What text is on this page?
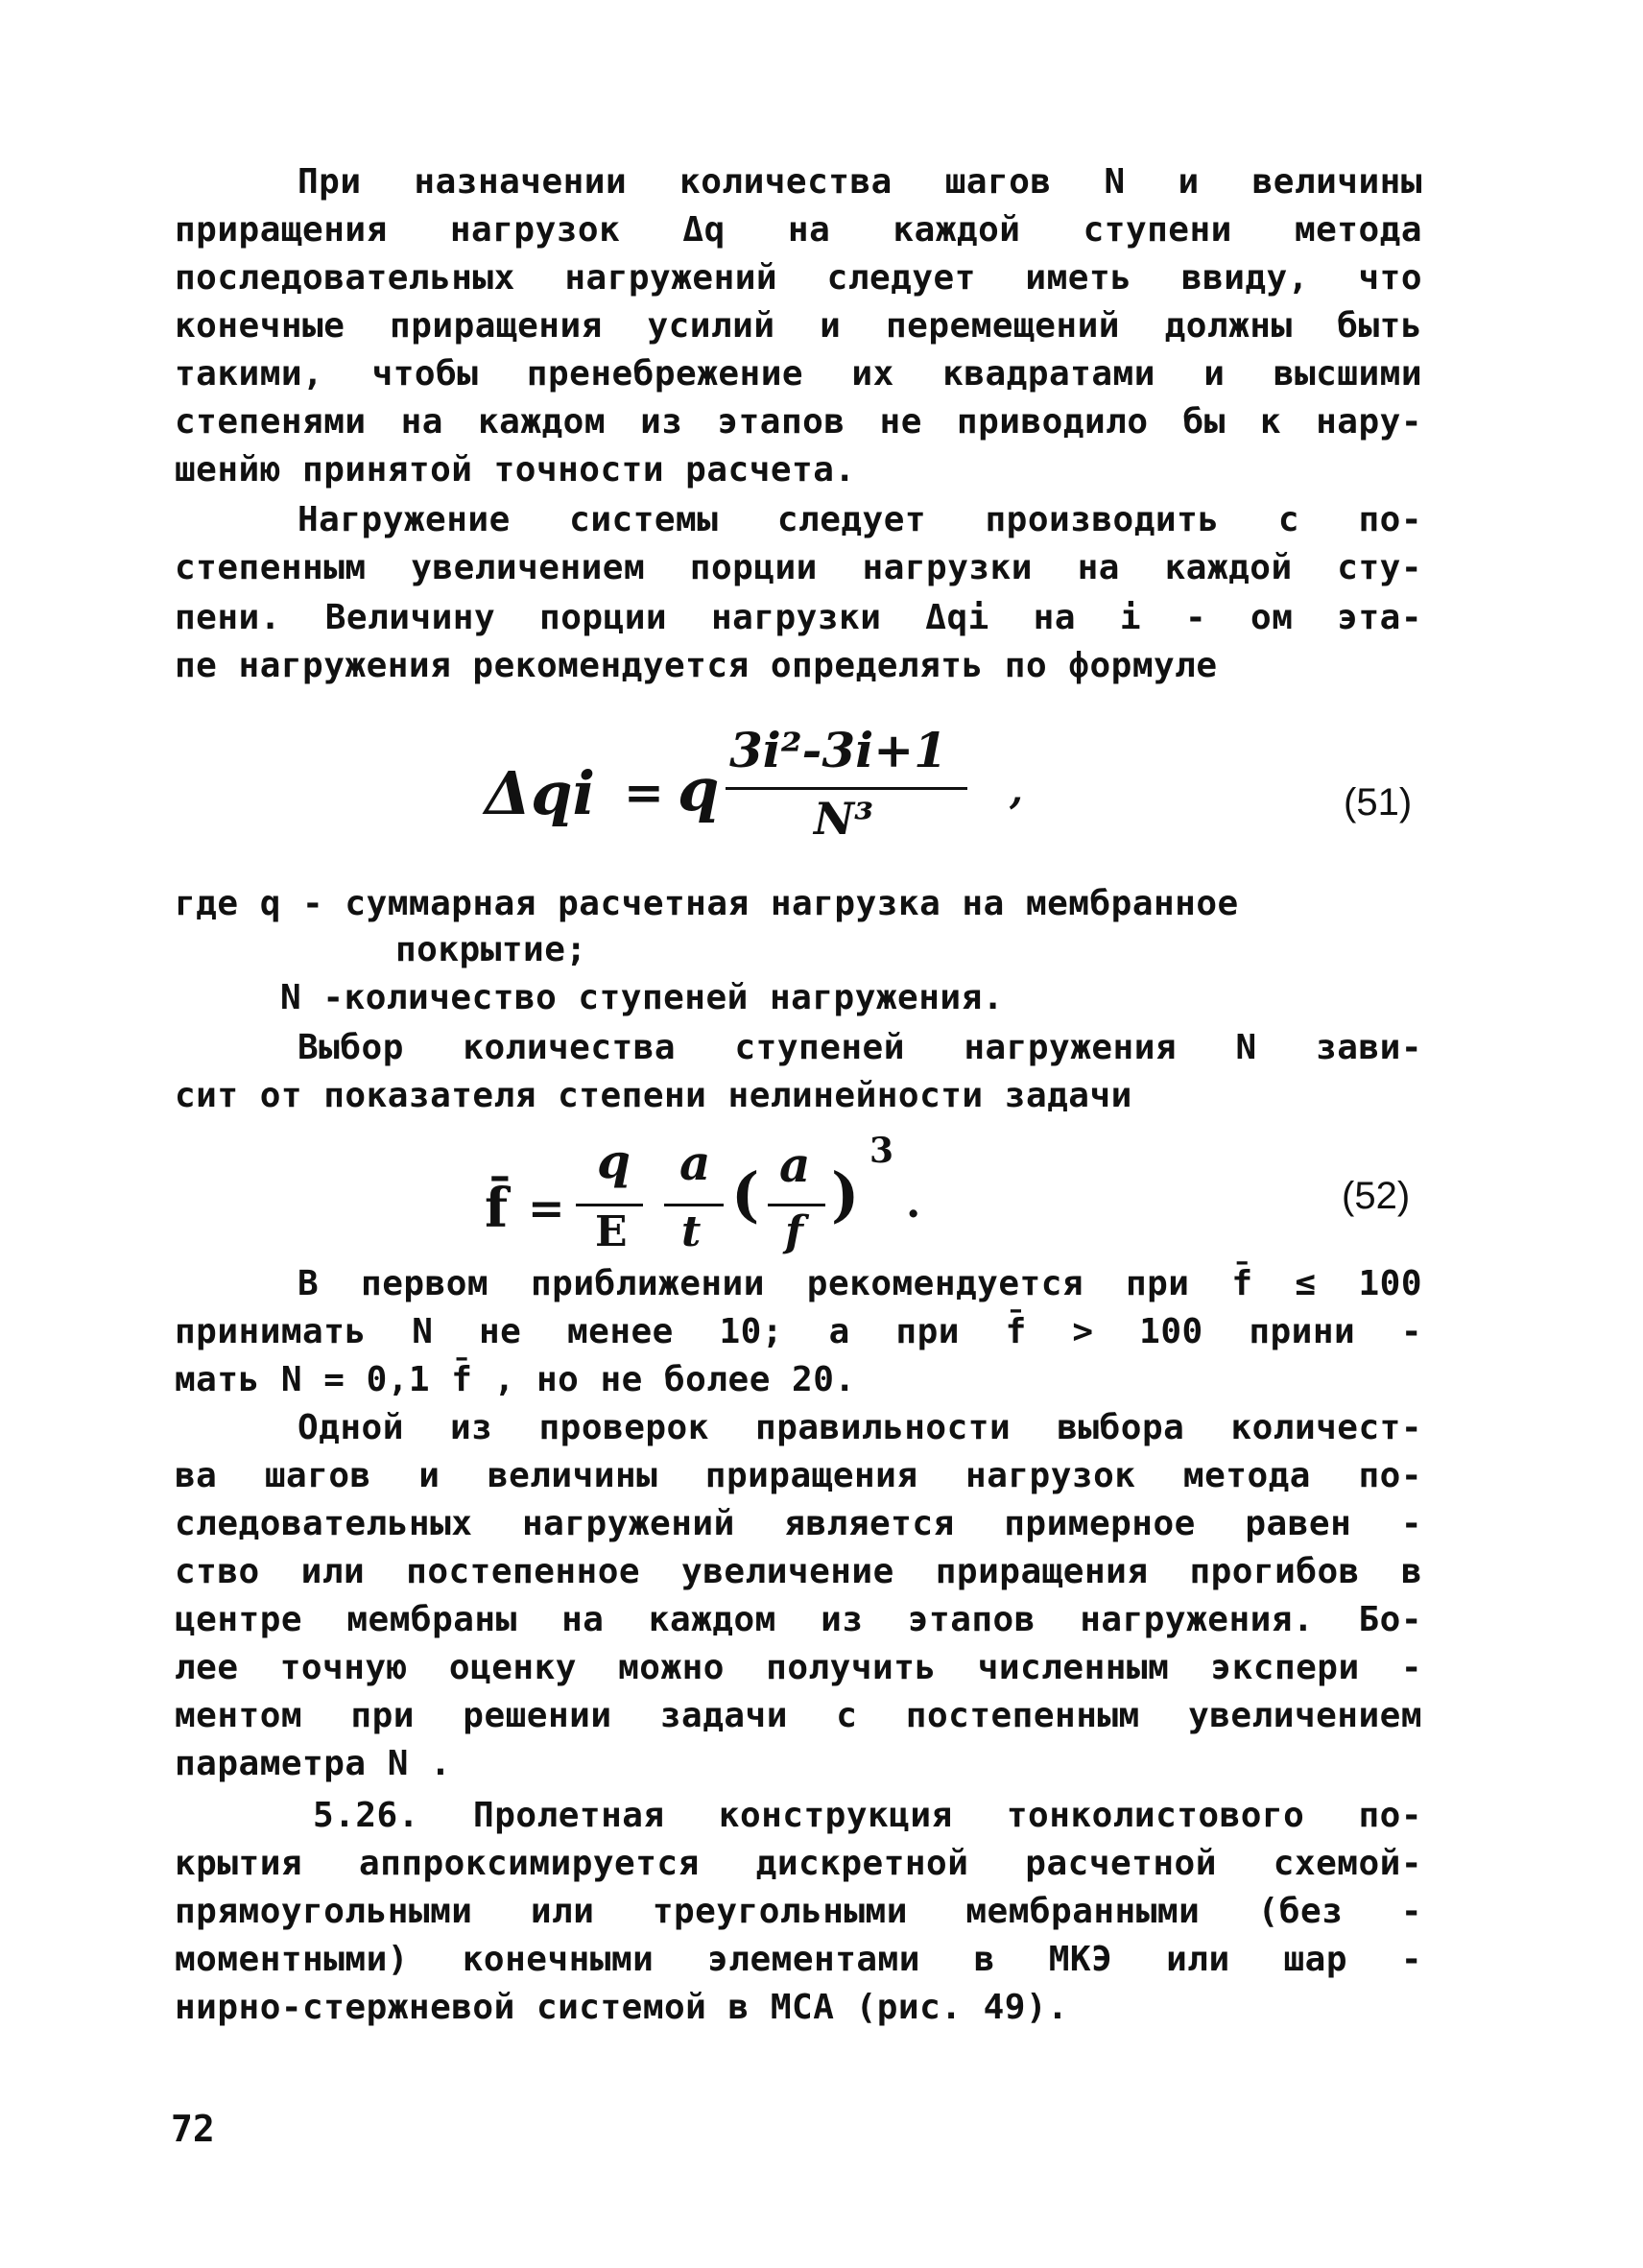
При назначении количества шагов N и величины
приращения нагрузок Δq на каждой ступени метода
последовательных нагружений следует иметь ввиду, что
конечные приращения усилий и перемещений должны быть
такими, чтобы пренебрежение их квадратами и высшими
степенями на каждом из этапов не приводило бы к нару-
шенйю принятой точности расчета.
Нагружение системы следует производить с по-
степенным увеличением порции нагрузки на каждой сту-
пени. Величину порции нагрузки Δqi на i - ом эта-
пе нагружения рекомендуется определять по формуле
Δqi = q
3i²-3i+1
N³
,	(51)
где q - суммарная расчетная нагрузка на мембранное
покрытие;
N -количество ступеней нагружения.
Выбор количества ступеней нагружения N зави-
сит от показателя степени нелинейности задачи
f̄ =
q
E
a
t
( a
f
)
3
.	(52)
В первом приближении рекомендуется при f̄ ≤ 100
принимать N не менее 10; а при f̄ > 100 прини -
мать N = 0,1 f̄ , но не более 20.
Одной из проверок правильности выбора количест-
ва шагов и величины приращения нагрузок метода по-
следовательных нагружений является примерное равен -
ство или постепенное увеличение приращения прогибов в
центре мембраны на каждом из этапов нагружения. Бо-
лее точную оценку можно получить численным экспери -
ментом при решении задачи с постепенным увеличением
параметра N .
5.26. Пролетная конструкция тонколистового по-
крытия аппроксимируется дискретной расчетной схемой-
прямоугольными или треугольными мембранными (без -
моментными) конечными элементами в МКЭ или шар -
нирно-стержневой системой в МСА (рис. 49).
72
